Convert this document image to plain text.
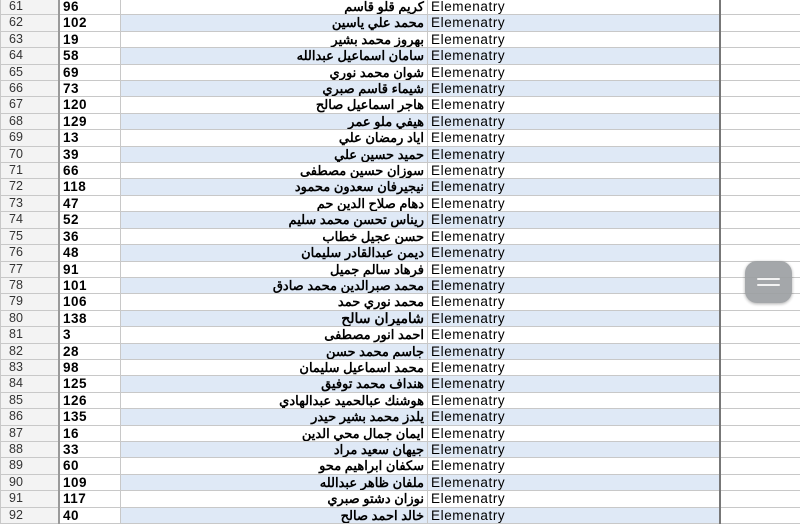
61	96	كريم قلو قاسم	Elemenatry	
62	102	محمد علي ياسين	Elemenatry	
63	19	بهروز محمد بشير	Elemenatry	
64	58	سامان اسماعيل عبدالله	Elemenatry	
65	69	شوان محمد نوري	Elemenatry	
66	73	شيماء قاسم صبري	Elemenatry	
67	120	هاجر اسماعيل صالح	Elemenatry	
68	129	هيفي ملو عمر	Elemenatry	
69	13	اياد رمضان علي	Elemenatry	
70	39	حميد حسين علي	Elemenatry	
71	66	سوزان حسين مصطفى	Elemenatry	
72	118	نيجيرفان سعدون محمود	Elemenatry	
73	47	دهام صلاح الدين حم	Elemenatry	
74	52	ريناس تحسن محمد سليم	Elemenatry	
75	36	حسن عجيل خطاب	Elemenatry	
76	48	ديمن عبدالقادر سليمان	Elemenatry	
77	91	فرهاد سالم جميل	Elemenatry	
78	101	محمد صبرالدين محمد صادق	Elemenatry	
79	106	محمد نوري حمد	Elemenatry	
80	138	شاميران سالح	Elemenatry	
81	3	احمد انور مصطفى	Elemenatry	
82	28	جاسم محمد حسن	Elemenatry	
83	98	محمد اسماعيل سليمان	Elemenatry	
84	125	هنداف محمد توفيق	Elemenatry	
85	126	هوشنك عبالحميد عبدالهادي	Elemenatry	
86	135	يلدز محمد بشير حيدر	Elemenatry	
87	16	ايمان جمال محي الدين	Elemenatry	
88	33	جيهان سعيد مراد	Elemenatry	
89	60	سكفان ابراهيم محو	Elemenatry	
90	109	ملفان ظاهر عبدالله	Elemenatry	
91	117	نوزان دشتو صبري	Elemenatry	
92	40	خالد احمد صالح	Elemenatry	
